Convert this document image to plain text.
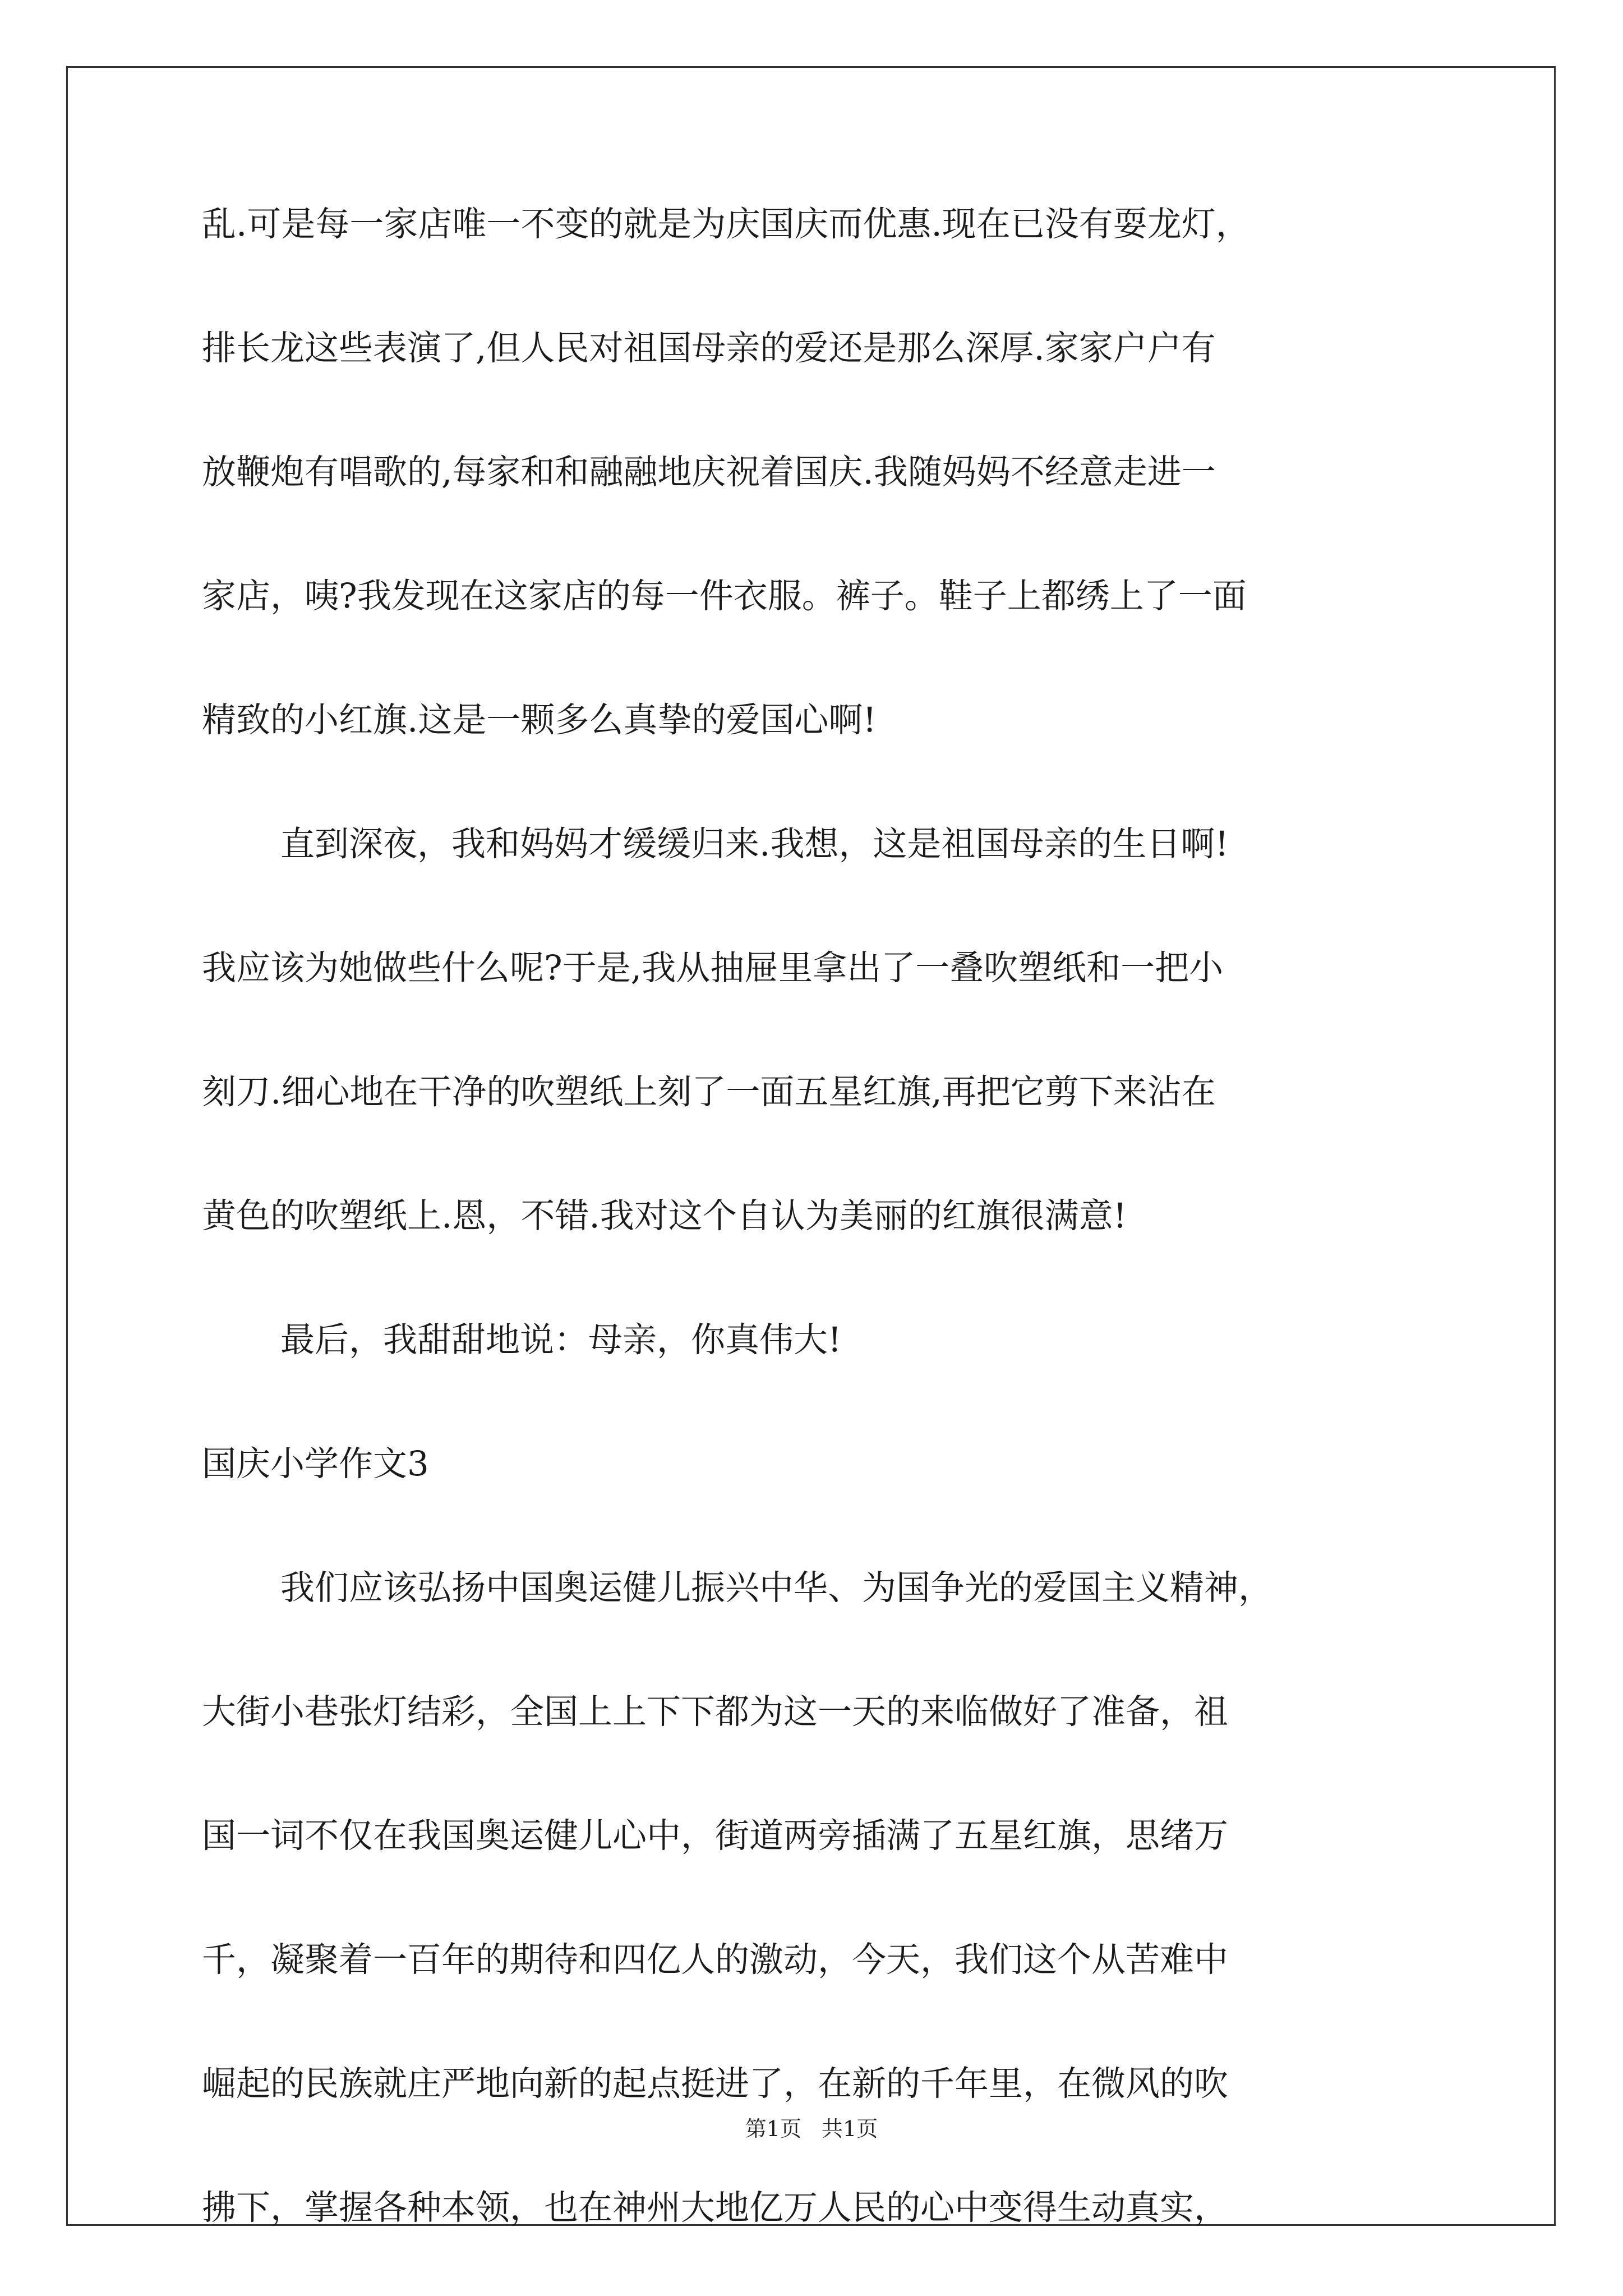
乱.可是每一家店唯一不变的就是为庆国庆而优惠.现在已没有耍龙灯，
排长龙这些表演了,但人民对祖国母亲的爱还是那么深厚.家家户户有
放鞭炮有唱歌的,每家和和融融地庆祝着国庆.我随妈妈不经意走进一
家店，咦?我发现在这家店的每一件衣服。裤子。鞋子上都绣上了一面
精致的小红旗.这是一颗多么真挚的爱国心啊!
直到深夜，我和妈妈才缓缓归来.我想，这是祖国母亲的生日啊!
我应该为她做些什么呢?于是,我从抽屉里拿出了一叠吹塑纸和一把小
刻刀.细心地在干净的吹塑纸上刻了一面五星红旗,再把它剪下来沾在
黄色的吹塑纸上.恩，不错.我对这个自认为美丽的红旗很满意!
最后，我甜甜地说：母亲，你真伟大!
国庆小学作文3
我们应该弘扬中国奥运健儿振兴中华、为国争光的爱国主义精神，
大街小巷张灯结彩，全国上上下下都为这一天的来临做好了准备，祖
国一词不仅在我国奥运健儿心中，街道两旁插满了五星红旗，思绪万
千，凝聚着一百年的期待和四亿人的激动，今天，我们这个从苦难中
崛起的民族就庄严地向新的起点挺进了，在新的千年里，在微风的吹
拂下，掌握各种本领，也在神州大地亿万人民的心中变得生动真实，
第1页 共1页
